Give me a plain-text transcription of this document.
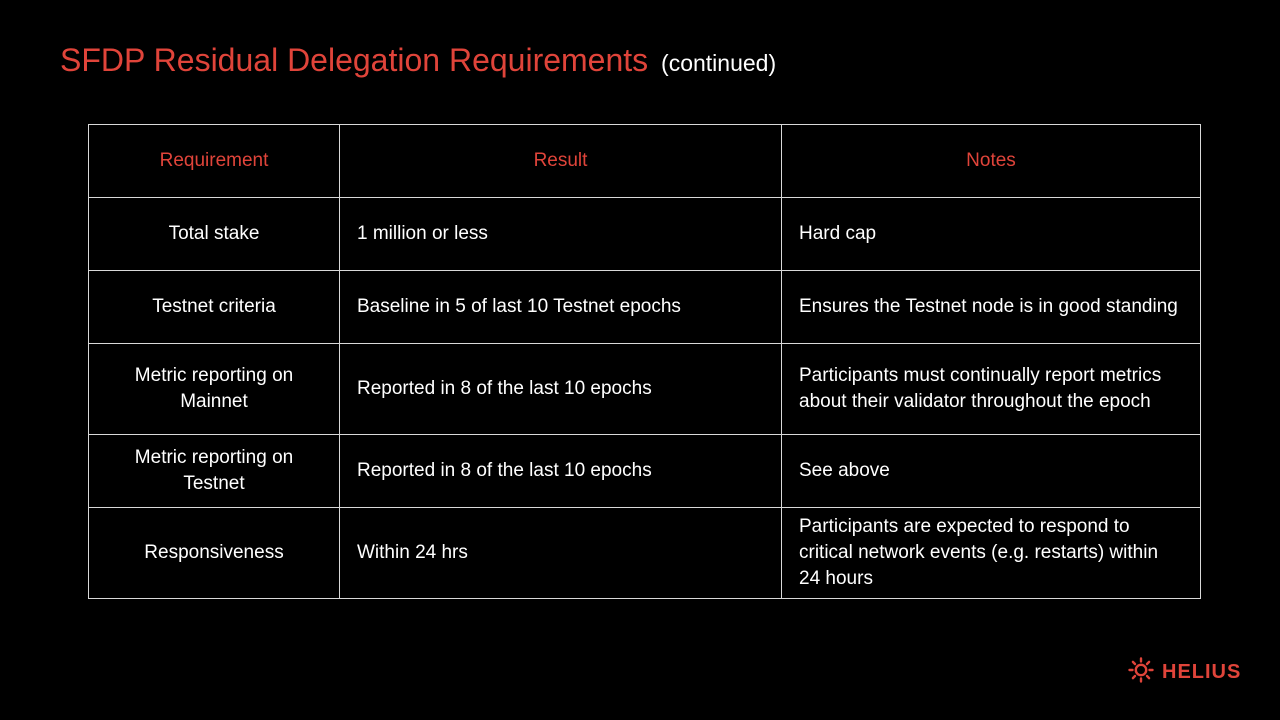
SFDP Residual Delegation Requirements (continued)
Requirement	Result	Notes
Total stake	1 million or less	Hard cap
Testnet criteria	Baseline in 5 of last 10 Testnet epochs	Ensures the Testnet node is in good standing
Metric reporting on Mainnet	Reported in 8 of the last 10 epochs	Participants must continually report metrics about their validator throughout the epoch
Metric reporting on Testnet	Reported in 8 of the last 10 epochs	See above
Responsiveness	Within 24 hrs	Participants are expected to respond to critical network events (e.g. restarts) within 24 hours
HELIUS
